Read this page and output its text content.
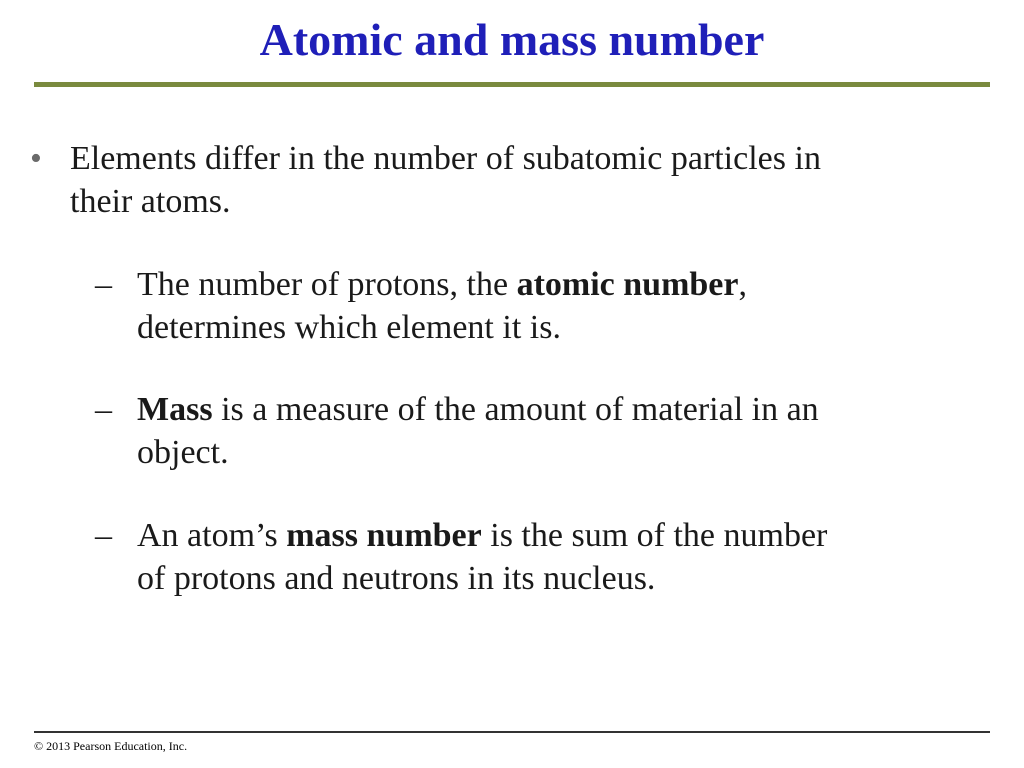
Atomic and mass number
• Elements differ in the number of subatomic particles in
their atoms.
– The number of protons, the atomic number,
determines which element it is.
– Mass is a measure of the amount of material in an
object.
– An atom’s mass number is the sum of the number
of protons and neutrons in its nucleus.
© 2013 Pearson Education, Inc.
